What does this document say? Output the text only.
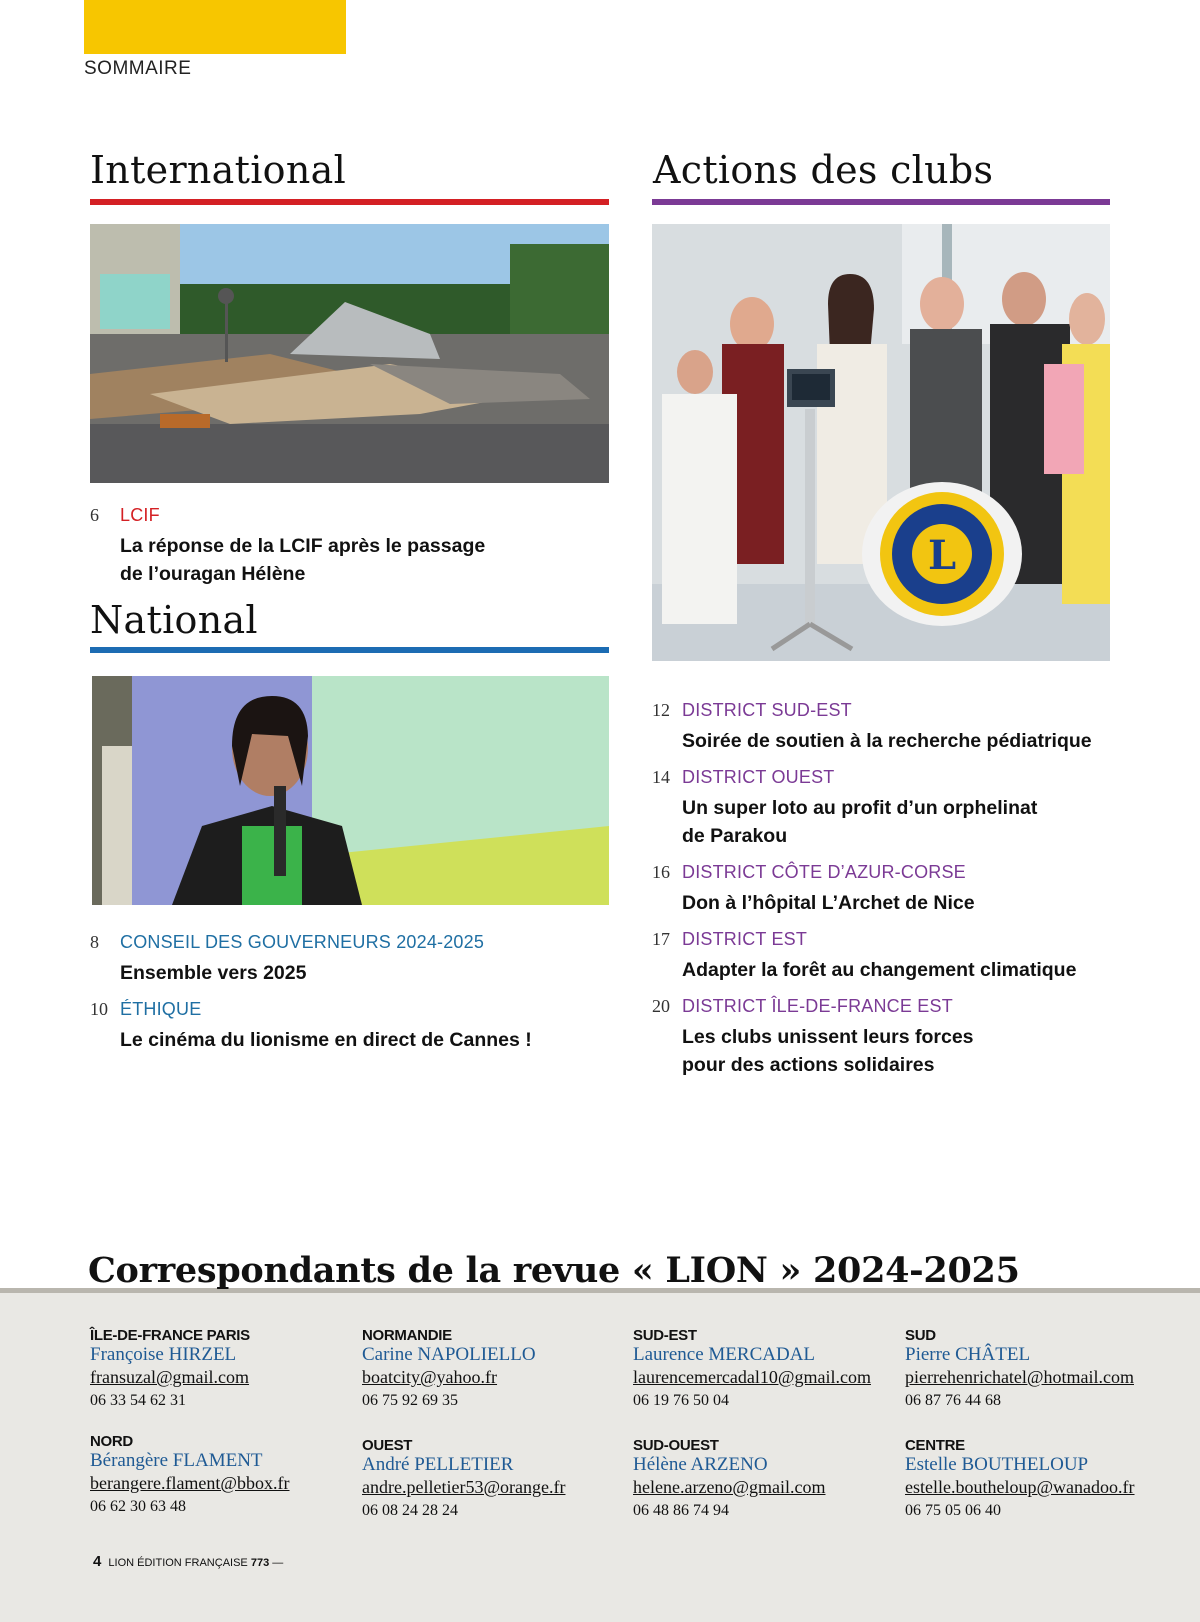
SOMMAIRE
International
6 LCIF
La réponse de la LCIF après le passage
de l’ouragan Hélène
National
8 CONSEIL DES GOUVERNEURS 2024-2025
Ensemble vers 2025
10 ÉTHIQUE
Le cinéma du lionisme en direct de Cannes !
Actions des clubs
L
12 DISTRICT SUD-EST
Soirée de soutien à la recherche pédiatrique
14 DISTRICT OUEST
Un super loto au profit d’un orphelinat
de Parakou
16 DISTRICT CÔTE D’AZUR-CORSE
Don à l’hôpital L’Archet de Nice
17 DISTRICT EST
Adapter la forêt au changement climatique
20 DISTRICT ÎLE-DE-FRANCE EST
Les clubs unissent leurs forces
pour des actions solidaires
Correspondants de la revue « LION » 2024-2025
ÎLE-DE-FRANCE PARIS
Françoise HIRZEL
fransuzal@gmail.com
06 33 54 62 31
NORMANDIE
Carine NAPOLIELLO
boatcity@yahoo.fr
06 75 92 69 35
SUD-EST
Laurence MERCADAL
laurencemercadal10@gmail.com
06 19 76 50 04
SUD
Pierre CHÂTEL
pierrehenrichatel@hotmail.com
06 87 76 44 68
NORD
Bérangère FLAMENT
berangere.flament@bbox.fr
06 62 30 63 48
OUEST
André PELLETIER
andre.pelletier53@orange.fr
06 08 24 28 24
SUD-OUEST
Hélène ARZENO
helene.arzeno@gmail.com
06 48 86 74 94
CENTRE
Estelle BOUTHELOUP
estelle.boutheloup@wanadoo.fr
06 75 05 06 40
4 LION ÉDITION FRANÇAISE 773 —
